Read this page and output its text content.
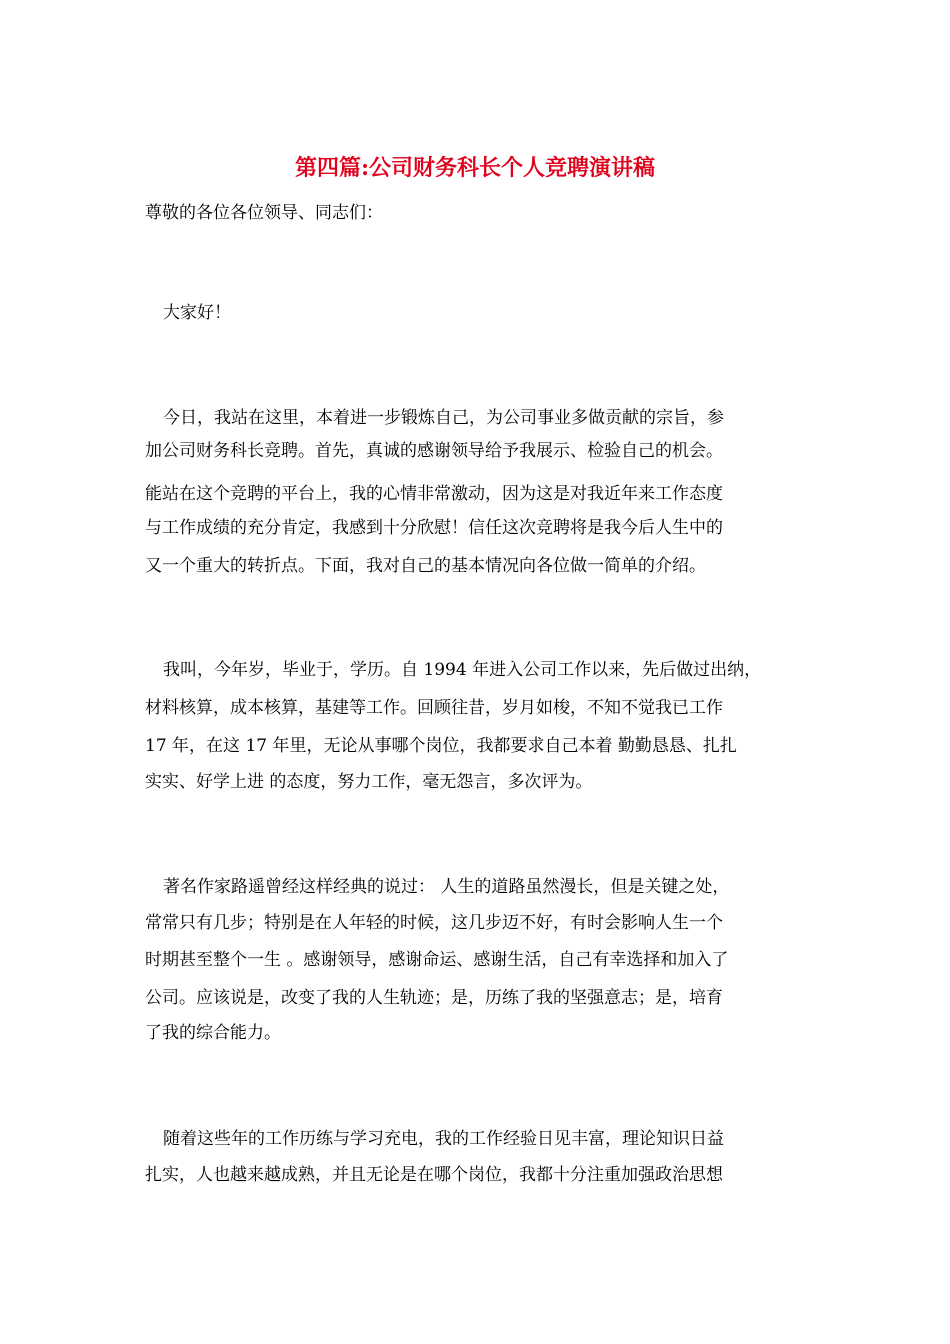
第四篇:公司财务科长个人竞聘演讲稿
尊敬的各位各位领导、同志们：
大家好！
今日，我站在这里，本着进一步锻炼自己，为公司事业多做贡献的宗旨，参
加公司财务科长竞聘。首先，真诚的感谢领导给予我展示、检验自己的机会。
能站在这个竞聘的平台上，我的心情非常激动，因为这是对我近年来工作态度
与工作成绩的充分肯定，我感到十分欣慰！信任这次竞聘将是我今后人生中的
又一个重大的转折点。下面，我对自己的基本情况向各位做一简单的介绍。
我叫，今年岁，毕业于，学历。自 1994 年进入公司工作以来，先后做过出纳，
材料核算，成本核算，基建等工作。回顾往昔，岁月如梭，不知不觉我已工作
17 年，在这 17 年里，无论从事哪个岗位，我都要求自己本着 勤勤恳恳、扎扎
实实、好学上进 的态度，努力工作，毫无怨言，多次评为。
著名作家路遥曾经这样经典的说过： 人生的道路虽然漫长，但是关键之处，
常常只有几步；特别是在人年轻的时候，这几步迈不好，有时会影响人生一个
时期甚至整个一生 。感谢领导，感谢命运、感谢生活，自己有幸选择和加入了
公司。应该说是，改变了我的人生轨迹；是，历练了我的坚强意志；是，培育
了我的综合能力。
随着这些年的工作历练与学习充电，我的工作经验日见丰富，理论知识日益
扎实，人也越来越成熟，并且无论是在哪个岗位，我都十分注重加强政治思想
